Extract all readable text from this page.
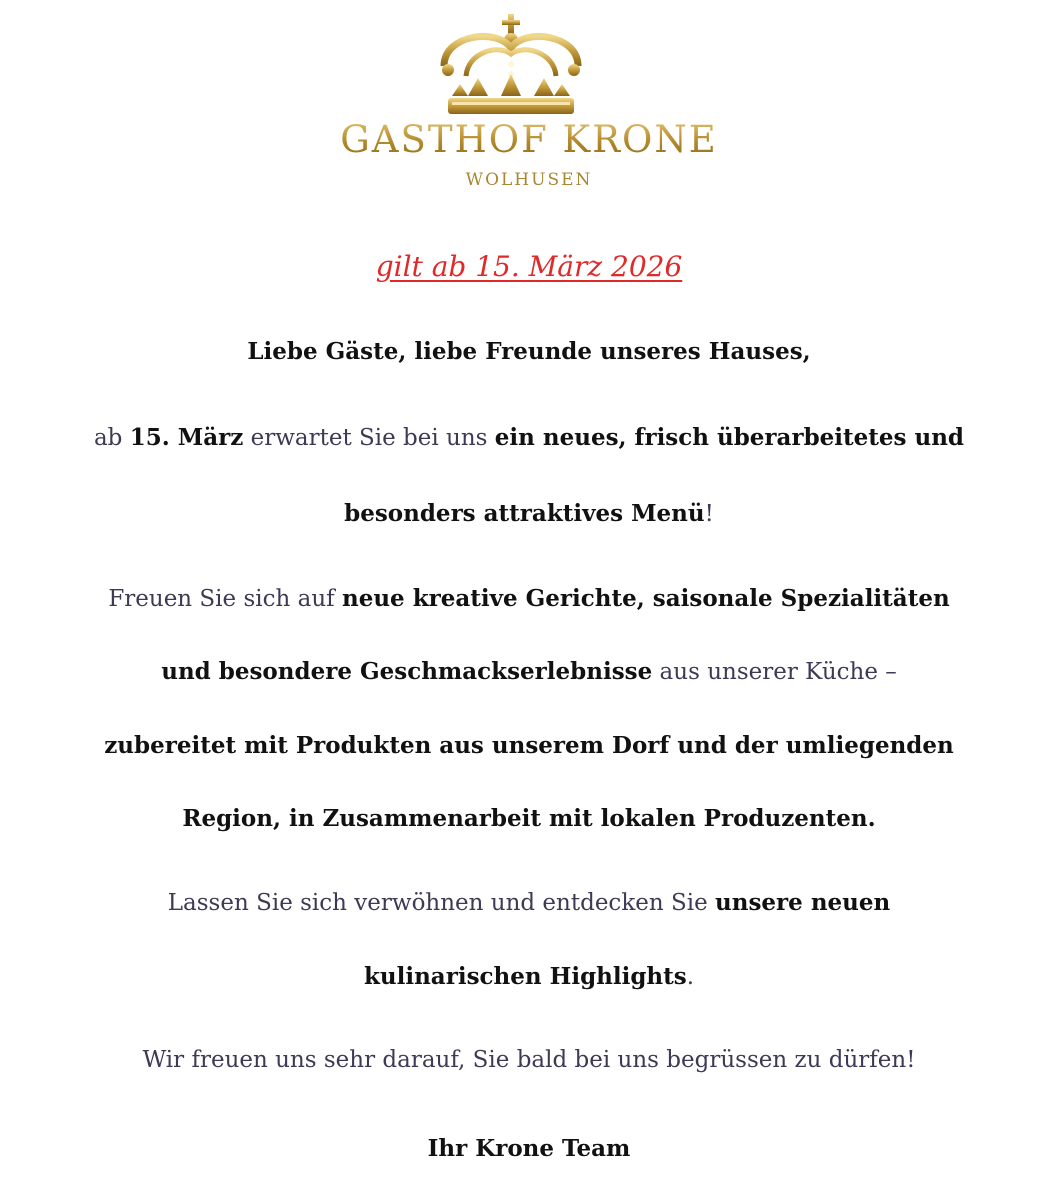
GASTHOF KRONE
WOLHUSEN
gilt ab 15. März 2026
Liebe Gäste, liebe Freunde unseres Hauses,
ab 15. März erwartet Sie bei uns ein neues, frisch überarbeitetes und
besonders attraktives Menü!
Freuen Sie sich auf neue kreative Gerichte, saisonale Spezialitäten
und besondere Geschmackserlebnisse aus unserer Küche –
zubereitet mit Produkten aus unserem Dorf und der umliegenden
Region, in Zusammenarbeit mit lokalen Produzenten.
Lassen Sie sich verwöhnen und entdecken Sie unsere neuen
kulinarischen Highlights.
Wir freuen uns sehr darauf, Sie bald bei uns begrüssen zu dürfen!
Ihr Krone Team
